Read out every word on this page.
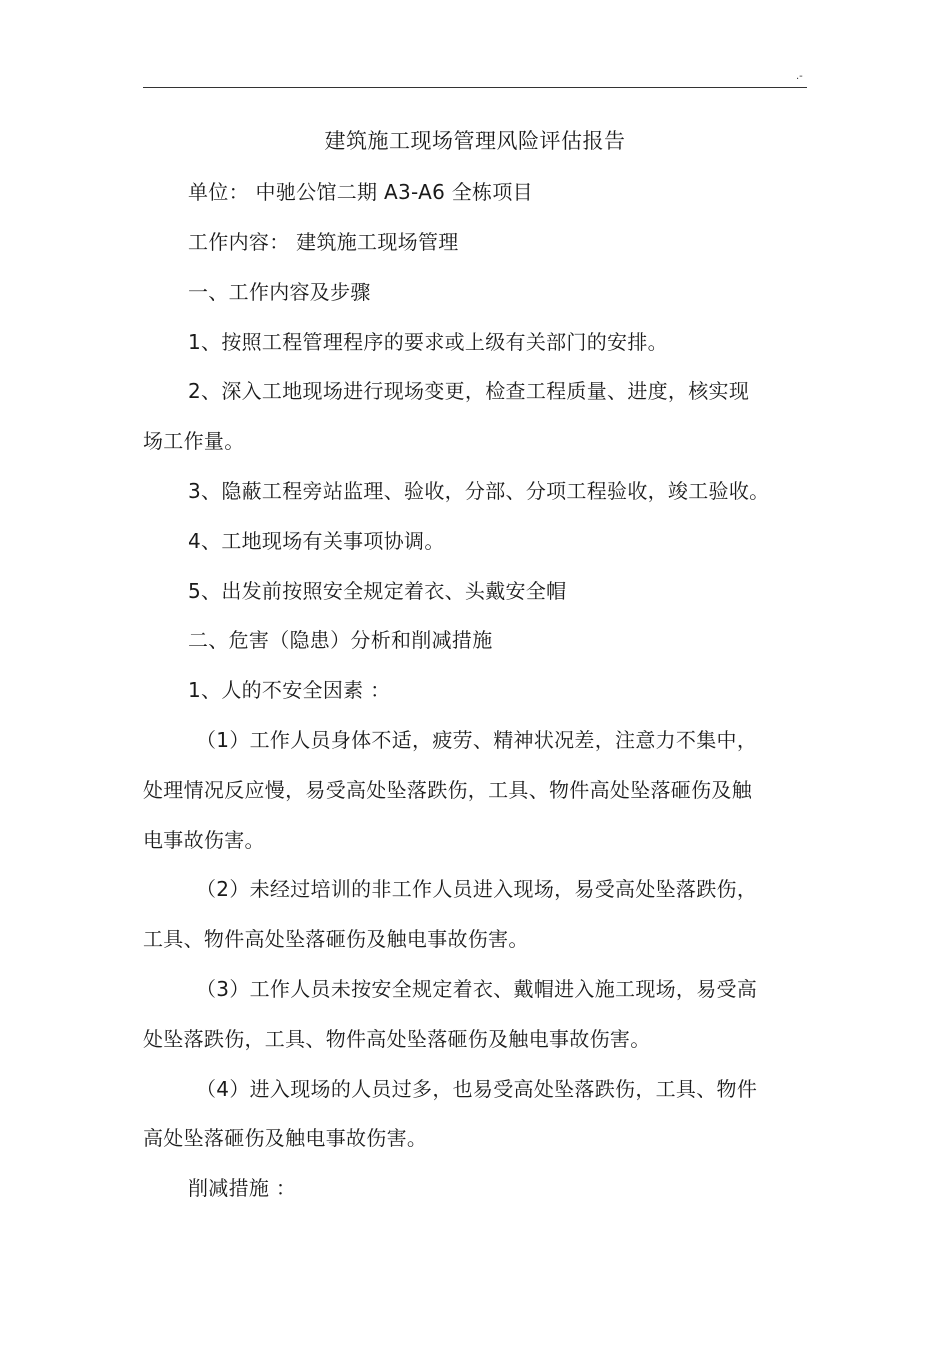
.-
建筑施工现场管理风险评估报告
单位： 中驰公馆二期 A3-A6 全栋项目
工作内容： 建筑施工现场管理
一、工作内容及步骤
1、按照工程管理程序的要求或上级有关部门的安排。
2、深入工地现场进行现场变更，检查工程质量、进度，核实现
场工作量。
3、隐蔽工程旁站监理、验收，分部、分项工程验收，竣工验收。
4、工地现场有关事项协调。
5、出发前按照安全规定着衣、头戴安全帽
二、危害（隐患）分析和削减措施
1、人的不安全因素 ：
（1）工作人员身体不适，疲劳、精神状况差，注意力不集中，
处理情况反应慢，易受高处坠落跌伤，工具、物件高处坠落砸伤及触
电事故伤害。
（2）未经过培训的非工作人员进入现场，易受高处坠落跌伤，
工具、物件高处坠落砸伤及触电事故伤害。
（3）工作人员未按安全规定着衣、戴帽进入施工现场，易受高
处坠落跌伤，工具、物件高处坠落砸伤及触电事故伤害。
（4）进入现场的人员过多，也易受高处坠落跌伤，工具、物件
高处坠落砸伤及触电事故伤害。
削减措施 ：
